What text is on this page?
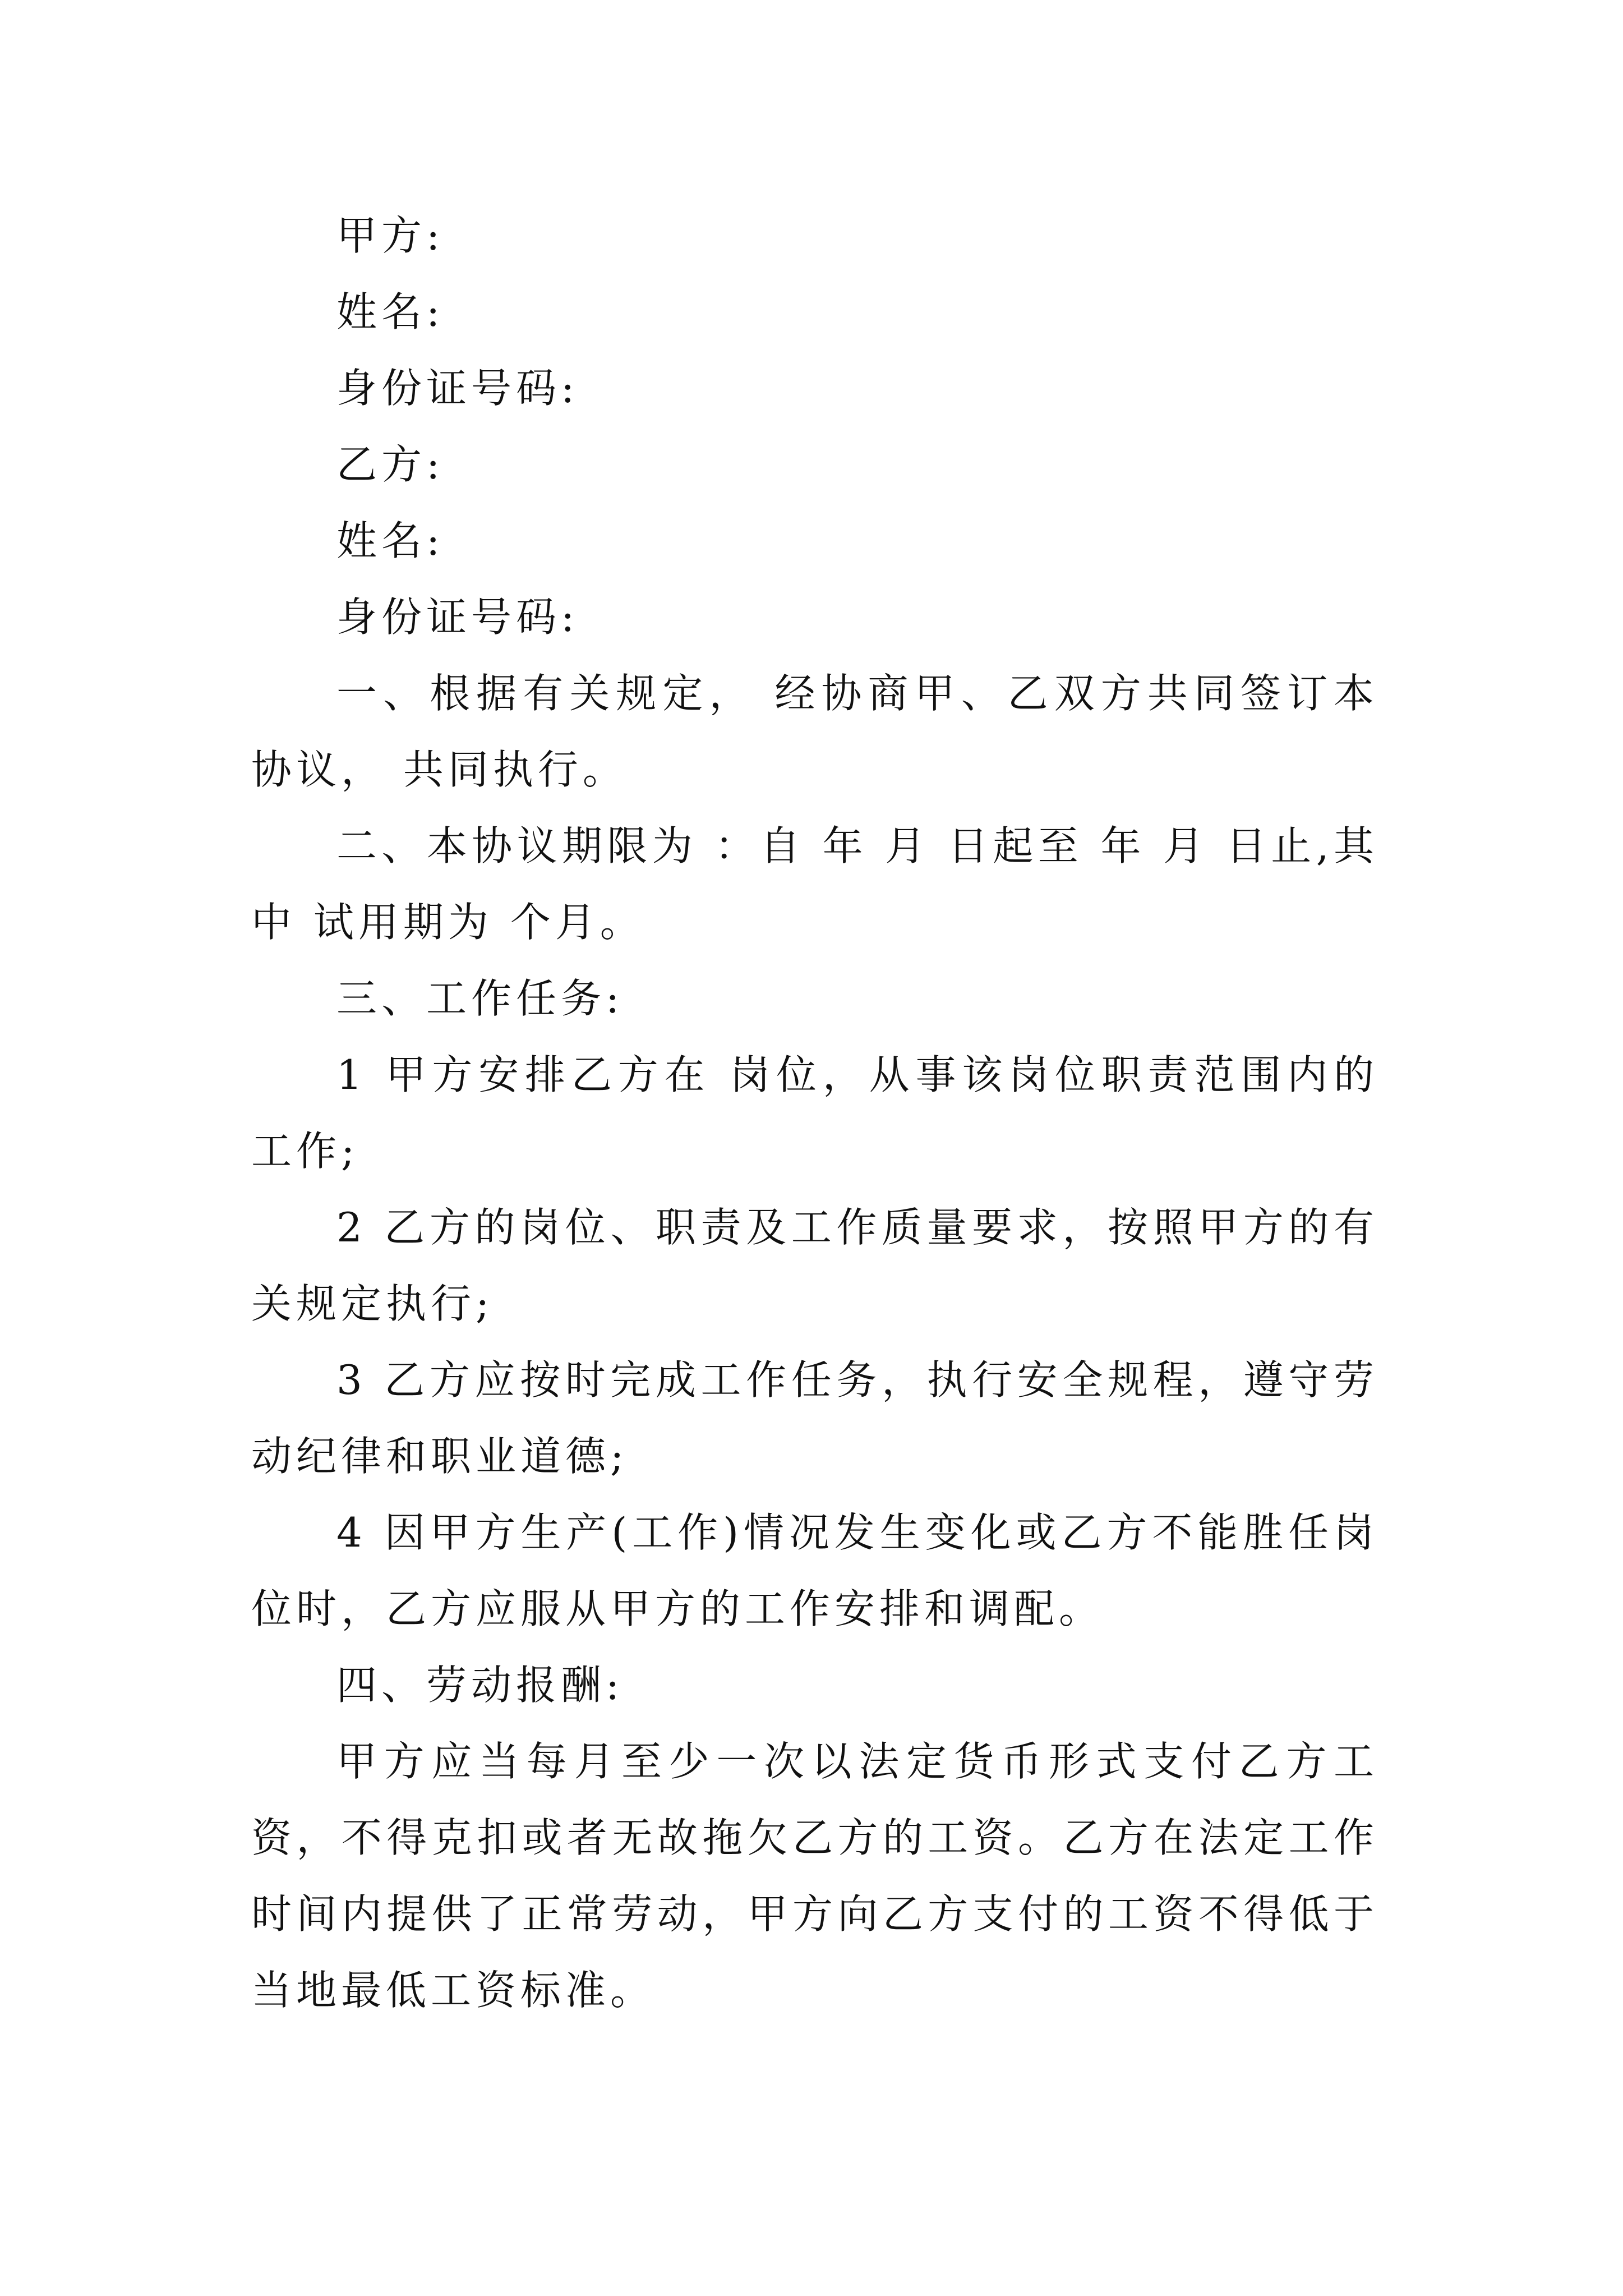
甲方:
姓名:
身份证号码:
乙方:
姓名:
身份证号码:

一、根据有关规定， 经协商甲、乙双方共同签订本协议， 共同执行。

二、本协议期限为 ：自 年 月 日起至 年 月 日止,其中 试用期为 个月。

三、工作任务:

1 甲方安排乙方在 岗位，从事该岗位职责范围内的工作;

2 乙方的岗位、职责及工作质量要求，按照甲方的有关规定执行;

3 乙方应按时完成工作任务，执行安全规程，遵守劳动纪律和职业道德;

4 因甲方生产(工作)情况发生变化或乙方不能胜任岗位时，乙方应服从甲方的工作安排和调配。

四、劳动报酬:

甲方应当每月至少一次以法定货币形式支付乙方工资，不得克扣或者无故拖欠乙方的工资。乙方在法定工作时间内提供了正常劳动，甲方向乙方支付的工资不得低于当地最低工资标准。
